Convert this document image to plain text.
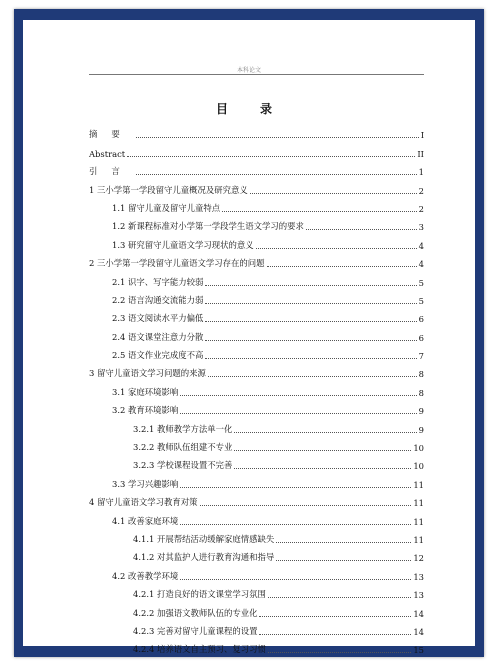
本科论文
目　录
摘要	I
Abstract	II
引言	1
1 三小学第一学段留守儿童概况及研究意义	2
1.1 留守儿童及留守儿童特点	2
1.2 新课程标准对小学第一学段学生语文学习的要求	3
1.3 研究留守儿童语文学习现状的意义	4
2 三小学第一学段留守儿童语文学习存在的问题	4
2.1 识字、写字能力较弱	5
2.2 语言沟通交流能力弱	5
2.3 语文阅读水平力偏低	6
2.4 语文课堂注意力分散	6
2.5 语文作业完成度不高	7
3 留守儿童语文学习问题的来源	8
3.1 家庭环境影响	8
3.2 教育环境影响	9
3.2.1 教师教学方法单一化	9
3.2.2 教师队伍组建不专业	10
3.2.3 学校课程设置不完善	10
3.3 学习兴趣影响	11
4 留守儿童语文学习教育对策	11
4.1 改善家庭环境	11
4.1.1 开展帮结活动缓解家庭情感缺失	11
4.1.2 对其监护人进行教育沟通和指导	12
4.2 改善教学环境	13
4.2.1 打造良好的语文课堂学习氛围	13
4.2.2 加强语文教师队伍的专业化	14
4.2.3 完善对留守儿童课程的设置	14
4.2.4 培养语文自主预习、复习习惯	15
